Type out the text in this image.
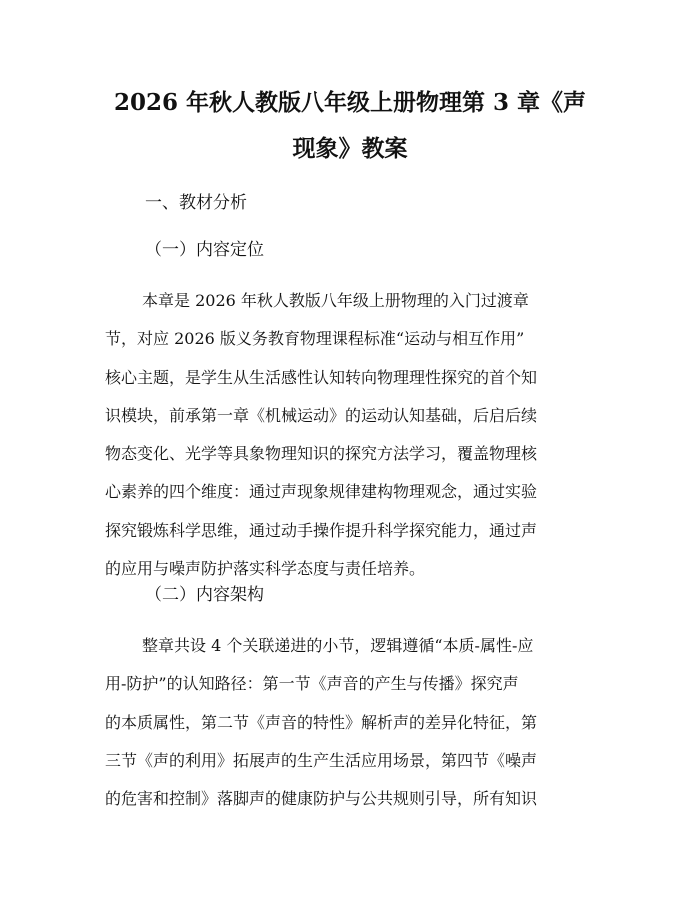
2026 年秋人教版八年级上册物理第 3 章《声
现象》教案

一、教材分析

（一）内容定位

本章是 2026 年秋人教版八年级上册物理的入门过渡章
节，对应 2026 版义务教育物理课程标准“运动与相互作用”
核心主题，是学生从生活感性认知转向物理理性探究的首个知
识模块，前承第一章《机械运动》的运动认知基础，后启后续
物态变化、光学等具象物理知识的探究方法学习，覆盖物理核
心素养的四个维度：通过声现象规律建构物理观念，通过实验
探究锻炼科学思维，通过动手操作提升科学探究能力，通过声
的应用与噪声防护落实科学态度与责任培养。

（二）内容架构

整章共设 4 个关联递进的小节，逻辑遵循“本质-属性-应
用-防护”的认知路径：第一节《声音的产生与传播》探究声
的本质属性，第二节《声音的特性》解析声的差异化特征，第
三节《声的利用》拓展声的生产生活应用场景，第四节《噪声
的危害和控制》落脚声的健康防护与公共规则引导，所有知识
